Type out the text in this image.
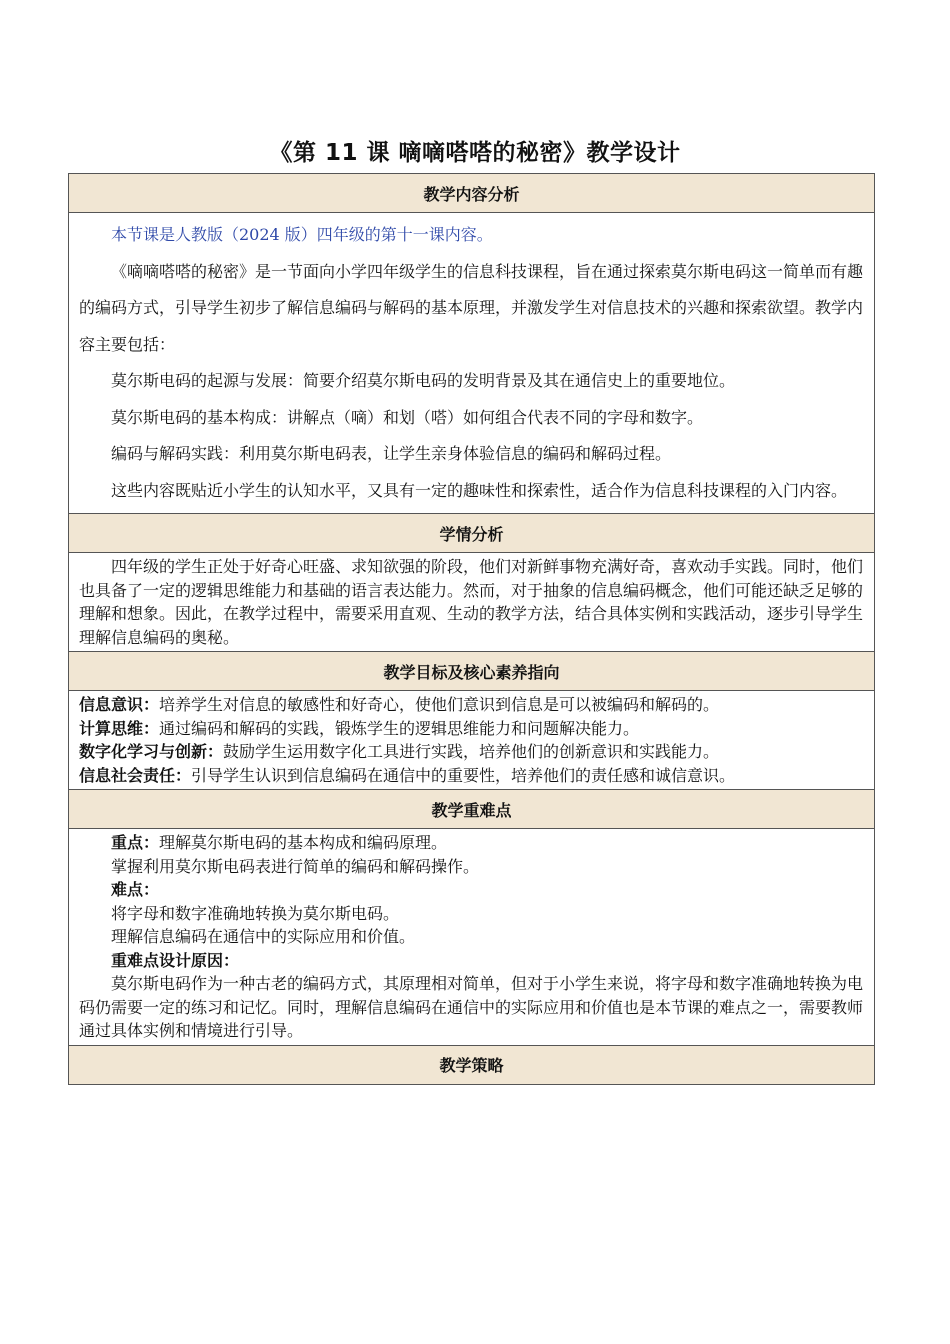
《第 11 课 嘀嘀嗒嗒的秘密》教学设计
教学内容分析

本节课是人教版（2024 版）四年级的第十一课内容。

《嘀嘀嗒嗒的秘密》是一节面向小学四年级学生的信息科技课程，旨在通过探索莫尔斯电码这一简单而有趣的编码方式，引导学生初步了解信息编码与解码的基本原理，并激发学生对信息技术的兴趣和探索欲望。教学内容主要包括：

莫尔斯电码的起源与发展：简要介绍莫尔斯电码的发明背景及其在通信史上的重要地位。

莫尔斯电码的基本构成：讲解点（嘀）和划（嗒）如何组合代表不同的字母和数字。

编码与解码实践：利用莫尔斯电码表，让学生亲身体验信息的编码和解码过程。

这些内容既贴近小学生的认知水平，又具有一定的趣味性和探索性，适合作为信息科技课程的入门内容。

学情分析

四年级的学生正处于好奇心旺盛、求知欲强的阶段，他们对新鲜事物充满好奇，喜欢动手实践。同时，他们也具备了一定的逻辑思维能力和基础的语言表达能力。然而，对于抽象的信息编码概念，他们可能还缺乏足够的理解和想象。因此，在教学过程中，需要采用直观、生动的教学方法，结合具体实例和实践活动，逐步引导学生理解信息编码的奥秘。

教学目标及核心素养指向

信息意识：培养学生对信息的敏感性和好奇心，使他们意识到信息是可以被编码和解码的。

计算思维：通过编码和解码的实践，锻炼学生的逻辑思维能力和问题解决能力。

数字化学习与创新：鼓励学生运用数字化工具进行实践，培养他们的创新意识和实践能力。

信息社会责任：引导学生认识到信息编码在通信中的重要性，培养他们的责任感和诚信意识。

教学重难点

重点：理解莫尔斯电码的基本构成和编码原理。

掌握利用莫尔斯电码表进行简单的编码和解码操作。

难点：

将字母和数字准确地转换为莫尔斯电码。

理解信息编码在通信中的实际应用和价值。

重难点设计原因：

莫尔斯电码作为一种古老的编码方式，其原理相对简单，但对于小学生来说，将字母和数字准确地转换为电码仍需要一定的练习和记忆。同时，理解信息编码在通信中的实际应用和价值也是本节课的难点之一，需要教师通过具体实例和情境进行引导。

教学策略
